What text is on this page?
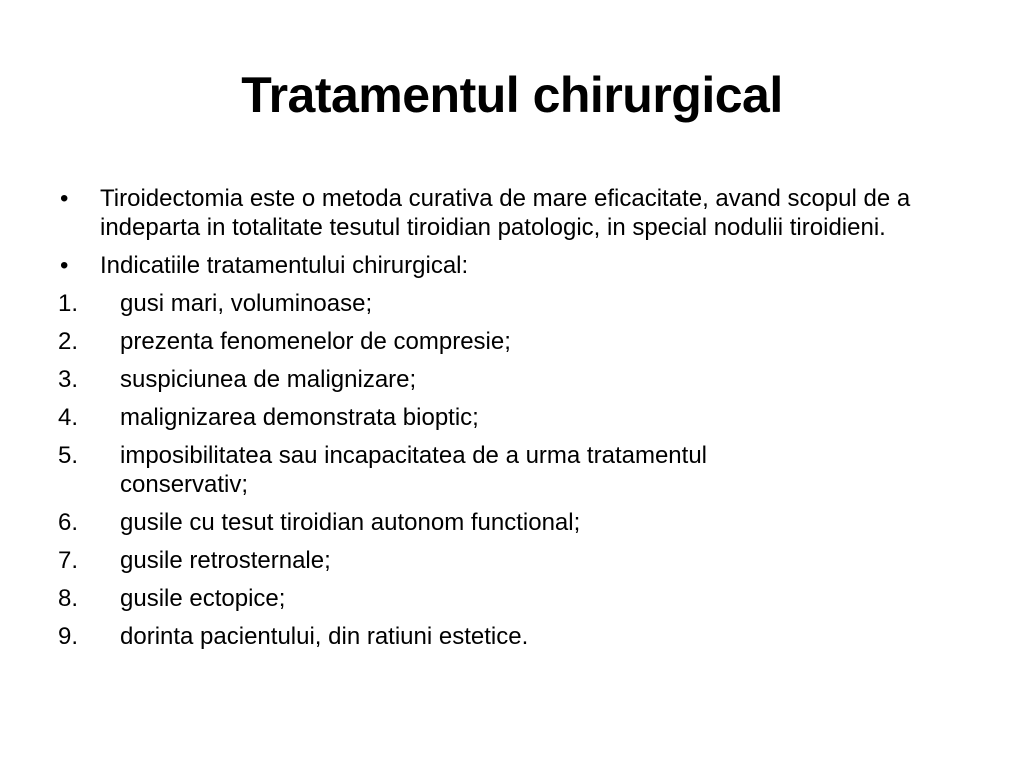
Tratamentul chirurgical
•	Tiroidectomia este o metoda curativa de mare eficacitate, avand scopul de a indeparta in totalitate tesutul tiroidian patologic, in special nodulii tiroidieni.
•	Indicatiile tratamentului chirurgical:
1.	gusi mari, voluminoase;
2.	prezenta fenomenelor de compresie;
3.	suspiciunea de malignizare;
4.	malignizarea demonstrata bioptic;
5.	imposibilitatea sau incapacitatea de a urma tratamentul conservativ;
6.	gusile cu tesut tiroidian autonom functional;
7.	gusile retrosternale;
8.	gusile ectopice;
9.	dorinta pacientului, din ratiuni estetice.
